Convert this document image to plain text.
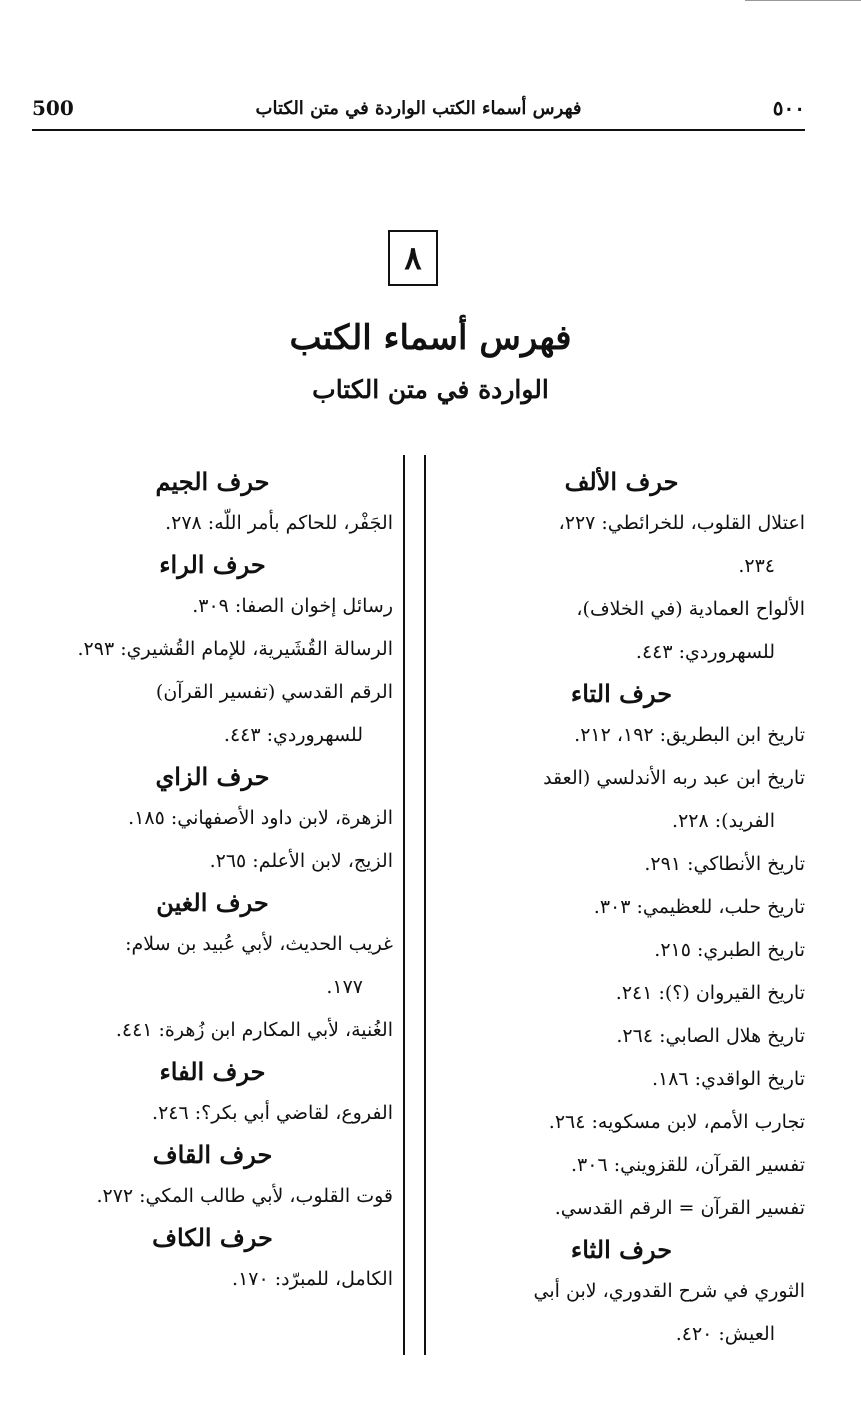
500	فهرس أسماء الكتب الواردة في متن الكتاب	٥٠٠
٨
فهرس أسماء الكتب
الواردة في متن الكتاب
حرف الألف
اعتلال القلوب، للخرائطي: ٢٢٧،
٢٣٤.
الألواح العمادية (في الخلاف)،
للسهروردي: ٤٤٣.
حرف التاء
تاريخ ابن البطريق: ١٩٢، ٢١٢.
تاريخ ابن عبد ربه الأندلسي (العقد
الفريد): ٢٢٨.
تاريخ الأنطاكي: ٢٩١.
تاريخ حلب، للعظيمي: ٣٠٣.
تاريخ الطبري: ٢١٥.
تاريخ القيروان (؟): ٢٤١.
تاريخ هلال الصابي: ٢٦٤.
تاريخ الواقدي: ١٨٦.
تجارب الأمم، لابن مسكويه: ٢٦٤.
تفسير القرآن، للقزويني: ٣٠٦.
تفسير القرآن = الرقم القدسي.
حرف الثاء
الثوري في شرح القدوري، لابن أبي
العيش: ٤٢٠.
حرف الجيم
الجَفْر، للحاكم بأمر اللّه: ٢٧٨.
حرف الراء
رسائل إخوان الصفا: ٣٠٩.
الرسالة القُشَيرية، للإمام القُشيري: ٢٩٣.
الرقم القدسي (تفسير القرآن)
للسهروردي: ٤٤٣.
حرف الزاي
الزهرة، لابن داود الأصفهاني: ١٨٥.
الزيج، لابن الأعلم: ٢٦٥.
حرف الغين
غريب الحديث، لأبي عُبيد بن سلام:
١٧٧.
الغُنية، لأبي المكارم ابن زُهرة: ٤٤١.
حرف الفاء
الفروع، لقاضي أبي بكر؟: ٢٤٦.
حرف القاف
قوت القلوب، لأبي طالب المكي: ٢٧٢.
حرف الكاف
الكامل، للمبرّد: ١٧٠.
